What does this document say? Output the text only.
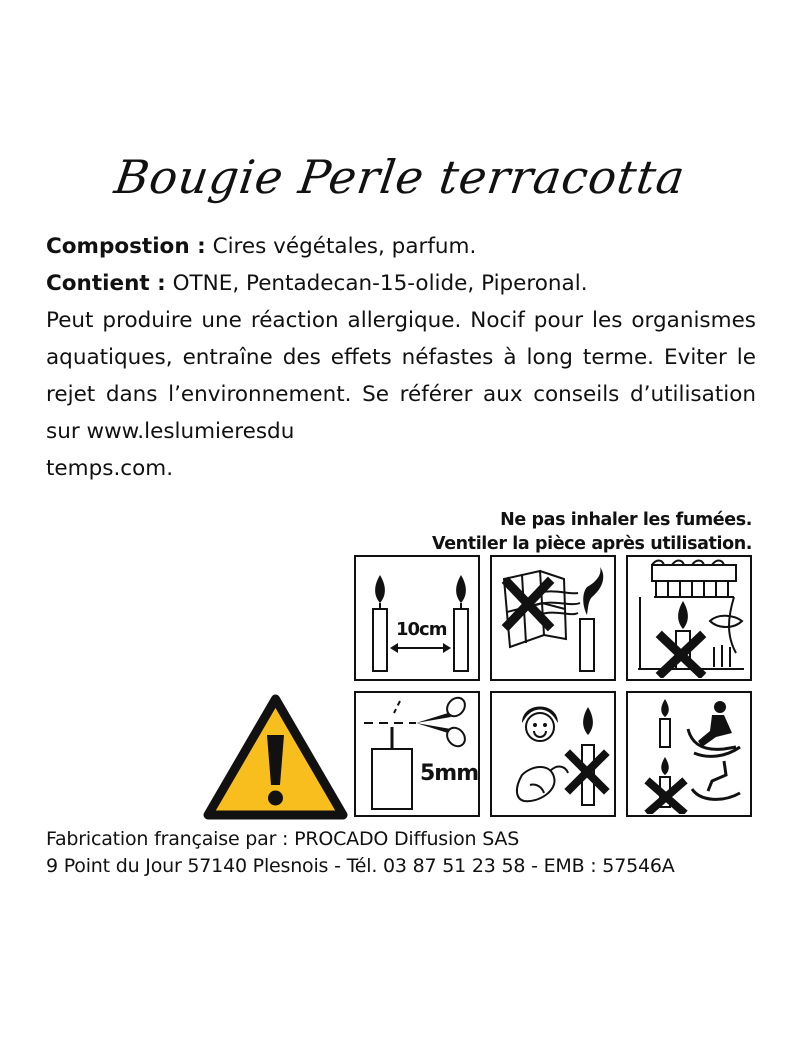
Bougie Perle terracotta

Compostion : Cires végétales, parfum.

Contient : OTNE, Pentadecan-15-olide, Piperonal.

Peut produire une réaction allergique. Nocif pour les organismes aquatiques, entraîne des effets néfastes à long terme. Eviter le rejet dans l’environnement. Se référer aux conseils d’utilisation sur www.leslumieresdu

temps.com.

Ne pas inhaler les fumées.
Ventiler la pièce après utilisation.
10cm
5mm
Fabrication française par : PROCADO Diffusion SAS
9 Point du Jour 57140 Plesnois - Tél. 03 87 51 23 58 - EMB : 57546A
